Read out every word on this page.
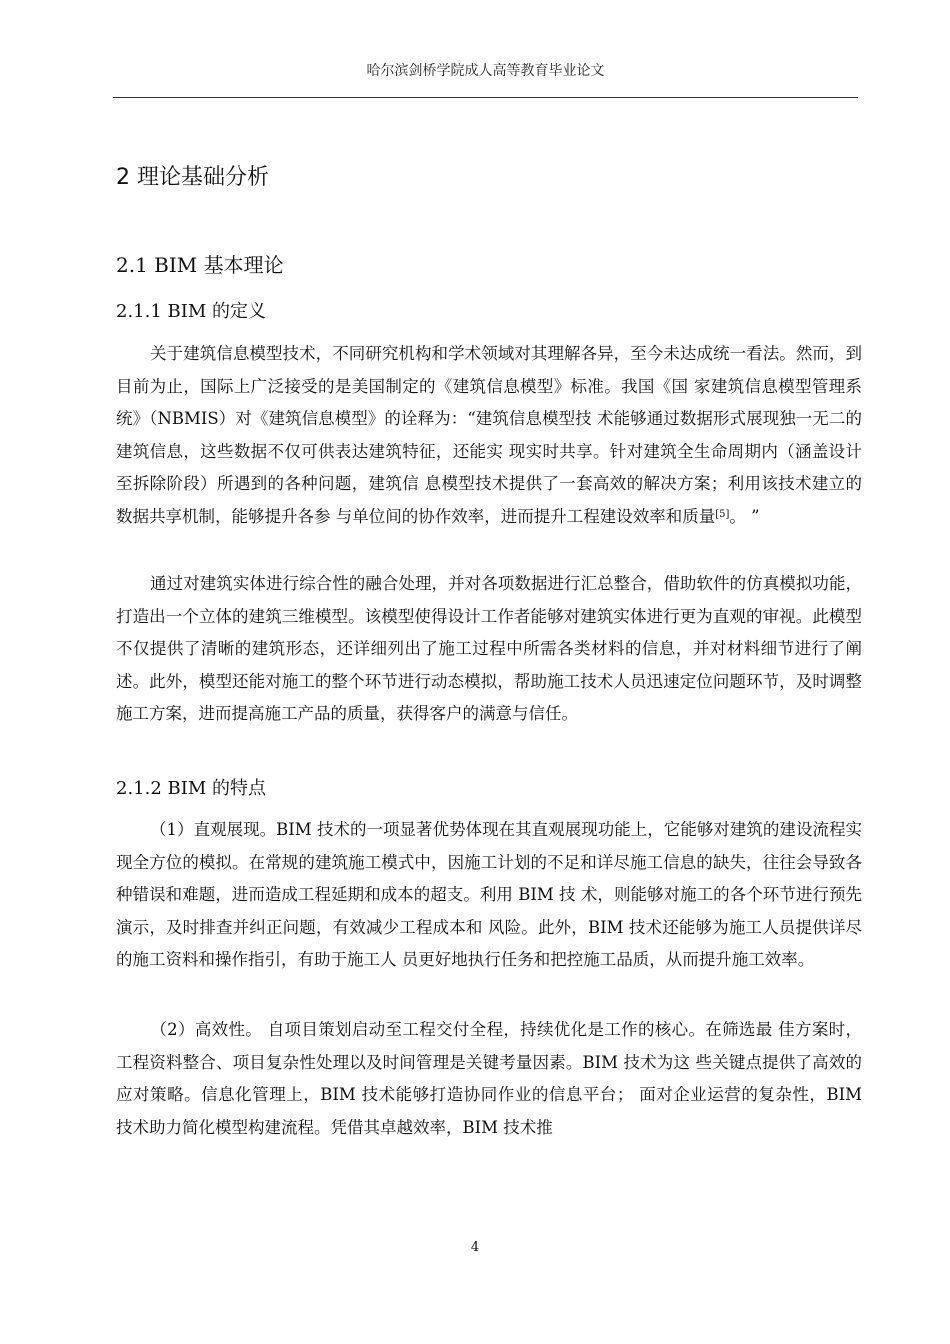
哈尔滨剑桥学院成人高等教育毕业论文
2 理论基础分析
2.1 BIM 基本理论
2.1.1 BIM 的定义
关于建筑信息模型技术，不同研究机构和学术领域对其理解各异，至今未达成统一看法。然而，到目前为止，国际上广泛接受的是美国制定的《建筑信息模型》标准。我国《国 家建筑信息模型管理系统》（NBMIS）对《建筑信息模型》的诠释为：“建筑信息模型技 术能够通过数据形式展现独一无二的建筑信息，这些数据不仅可供表达建筑特征，还能实 现实时共享。针对建筑全生命周期内（涵盖设计至拆除阶段）所遇到的各种问题，建筑信 息模型技术提供了一套高效的解决方案；利用该技术建立的数据共享机制，能够提升各参 与单位间的协作效率，进而提升工程建设效率和质量[5]。 ”
通过对建筑实体进行综合性的融合处理，并对各项数据进行汇总整合，借助软件的仿真模拟功能，打造出一个立体的建筑三维模型。该模型使得设计工作者能够对建筑实体进行更为直观的审视。此模型不仅提供了清晰的建筑形态，还详细列出了施工过程中所需各类材料的信息，并对材料细节进行了阐述。此外，模型还能对施工的整个环节进行动态模拟，帮助施工技术人员迅速定位问题环节，及时调整施工方案，进而提高施工产品的质量，获得客户的满意与信任。
2.1.2 BIM 的特点
（1）直观展现。BIM 技术的一项显著优势体现在其直观展现功能上，它能够对建筑的建设流程实现全方位的模拟。在常规的建筑施工模式中，因施工计划的不足和详尽施工信息的缺失，往往会导致各种错误和难题，进而造成工程延期和成本的超支。利用 BIM 技 术，则能够对施工的各个环节进行预先演示，及时排查并纠正问题，有效减少工程成本和 风险。此外，BIM 技术还能够为施工人员提供详尽的施工资料和操作指引，有助于施工人 员更好地执行任务和把控施工品质，从而提升施工效率。
（2）高效性。 自项目策划启动至工程交付全程，持续优化是工作的核心。在筛选最 佳方案时，工程资料整合、项目复杂性处理以及时间管理是关键考量因素。BIM 技术为这 些关键点提供了高效的应对策略。信息化管理上，BIM 技术能够打造协同作业的信息平台； 面对企业运营的复杂性，BIM 技术助力简化模型构建流程。凭借其卓越效率，BIM 技术推
4
